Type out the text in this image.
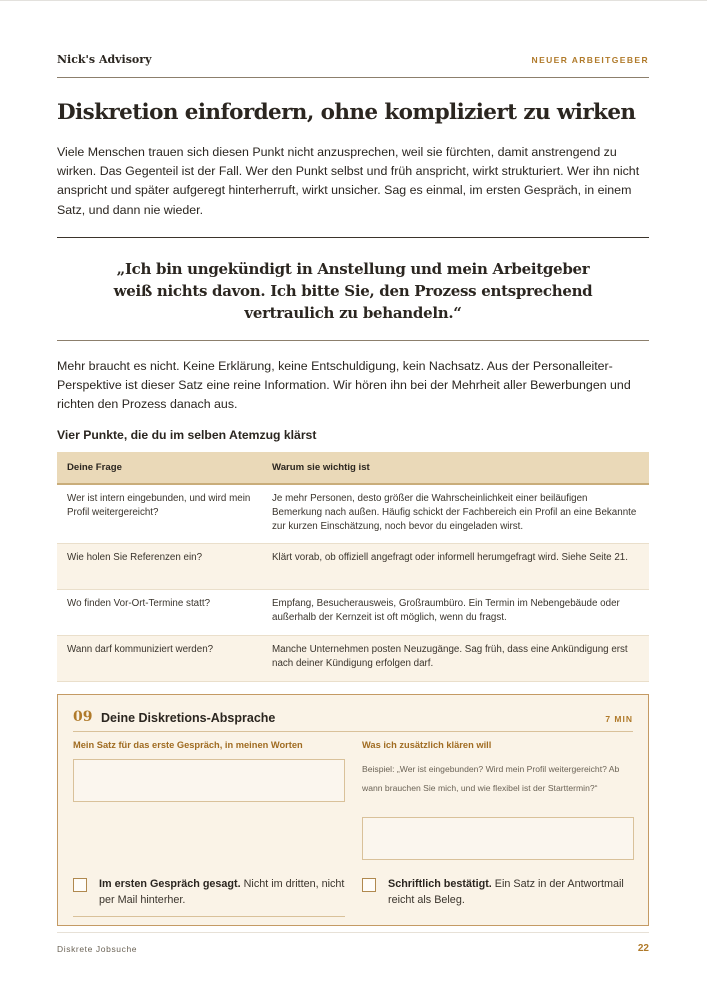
Nick's Advisory	NEUER ARBEITGEBER
Diskretion einfordern, ohne kompliziert zu wirken

Viele Menschen trauen sich diesen Punkt nicht anzusprechen, weil sie fürchten, damit anstrengend zu wirken. Das Gegenteil ist der Fall. Wer den Punkt selbst und früh anspricht, wirkt strukturiert. Wer ihn nicht anspricht und später aufgeregt hinterherruft, wirkt unsicher. Sag es einmal, im ersten Gespräch, in einem Satz, und dann nie wieder.

„Ich bin ungekündigt in Anstellung und mein Arbeitgeber weiß nichts davon. Ich bitte Sie, den Prozess entsprechend vertraulich zu behandeln.“

Mehr braucht es nicht. Keine Erklärung, keine Entschuldigung, kein Nachsatz. Aus der Personalleiter-Perspektive ist dieser Satz eine reine Information. Wir hören ihn bei der Mehrheit aller Bewerbungen und richten den Prozess danach aus.

Vier Punkte, die du im selben Atemzug klärst
Deine Frage	Warum sie wichtig ist
Wer ist intern eingebunden, und wird mein Profil weitergereicht?	Je mehr Personen, desto größer die Wahrscheinlichkeit einer beiläufigen Bemerkung nach außen. Häufig schickt der Fachbereich ein Profil an eine Bekannte zur kurzen Einschätzung, noch bevor du eingeladen wirst.
Wie holen Sie Referenzen ein?	Klärt vorab, ob offiziell angefragt oder informell herumgefragt wird. Siehe Seite 21.
Wo finden Vor-Ort-Termine statt?	Empfang, Besucherausweis, Großraumbüro. Ein Termin im Nebengebäude oder außerhalb der Kernzeit ist oft möglich, wenn du fragst.
Wann darf kommuniziert werden?	Manche Unternehmen posten Neuzugänge. Sag früh, dass eine Ankündigung erst nach deiner Kündigung erfolgen darf.
09 Deine Diskretions-Absprache	7 MIN
Mein Satz für das erste Gespräch, in meinen Worten	Was ich zusätzlich klären will
Beispiel: „Wer ist eingebunden? Wird mein Profil weitergereicht? Ab wann brauchen Sie mich, und wie flexibel ist der Starttermin?“
Im ersten Gespräch gesagt. Nicht im dritten, nicht per Mail hinterher.
Schriftlich bestätigt. Ein Satz in der Antwortmail reicht als Beleg.
Diskrete Jobsuche	22
